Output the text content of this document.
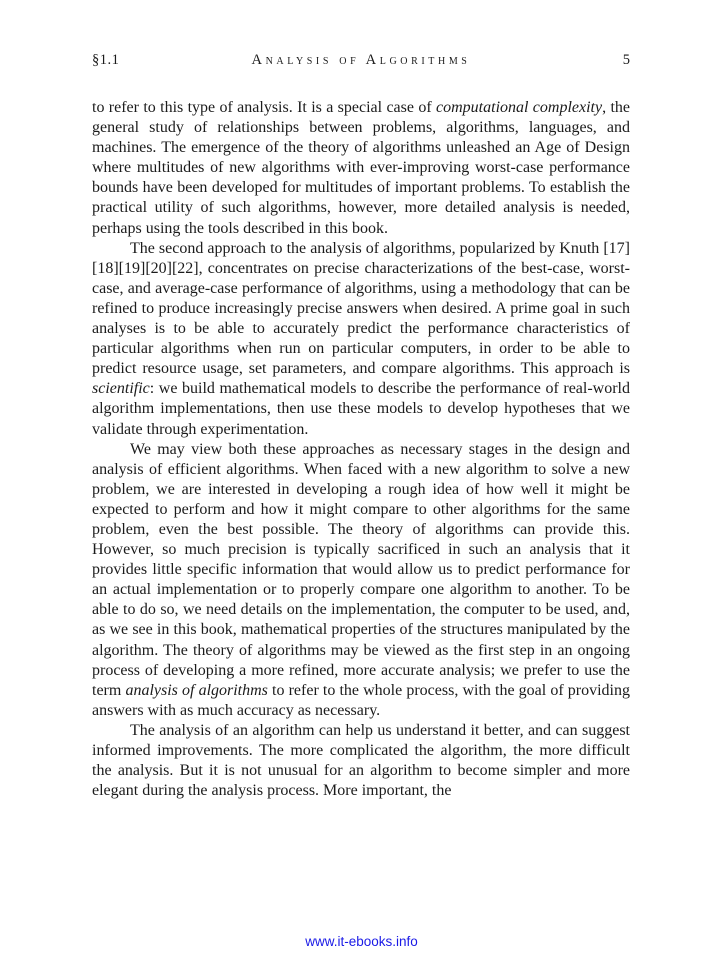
§1.1	Analysis of Algorithms	5

to refer to this type of analysis. It is a special case of computational complexity, the general study of relationships between problems, algorithms, languages, and machines. The emergence of the theory of algorithms unleashed an Age of Design where multitudes of new algorithms with ever-improving worst-case performance bounds have been developed for multitudes of important problems. To establish the practical utility of such algorithms, however, more detailed analysis is needed, perhaps using the tools described in this book.

The second approach to the analysis of algorithms, popularized by Knuth [17][18][19][20][22], concentrates on precise characterizations of the best-case, worst-case, and average-case performance of algorithms, using a methodology that can be refined to produce increasingly precise answers when desired. A prime goal in such analyses is to be able to accurately predict the performance characteristics of particular algorithms when run on particular computers, in order to be able to predict resource usage, set parameters, and compare algorithms. This approach is scientific: we build mathematical models to describe the performance of real-world algorithm implementations, then use these models to develop hypotheses that we validate through experimentation.

We may view both these approaches as necessary stages in the design and analysis of efficient algorithms. When faced with a new algorithm to solve a new problem, we are interested in developing a rough idea of how well it might be expected to perform and how it might compare to other algorithms for the same problem, even the best possible. The theory of algorithms can provide this. However, so much precision is typically sacrificed in such an analysis that it provides little specific information that would allow us to predict performance for an actual implementation or to properly compare one algorithm to another. To be able to do so, we need details on the implementation, the computer to be used, and, as we see in this book, mathematical properties of the structures manipulated by the algorithm. The theory of algorithms may be viewed as the first step in an ongoing process of developing a more refined, more accurate analysis; we prefer to use the term analysis of algorithms to refer to the whole process, with the goal of providing answers with as much accuracy as necessary.

The analysis of an algorithm can help us understand it better, and can suggest informed improvements. The more complicated the algorithm, the more difficult the analysis. But it is not unusual for an algorithm to become simpler and more elegant during the analysis process. More important, the

www.it-ebooks.info
